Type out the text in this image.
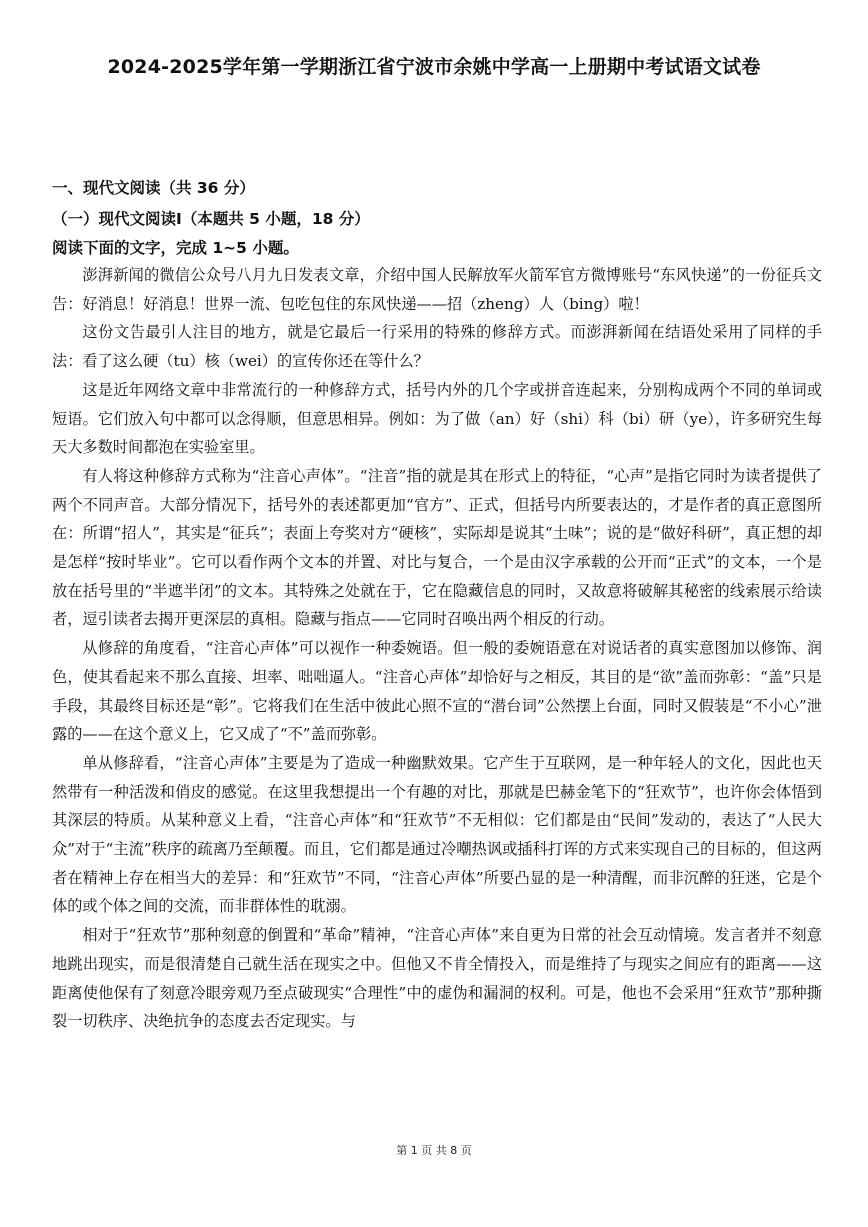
2024-2025学年第一学期浙江省宁波市余姚中学高一上册期中考试语文试卷
一、现代文阅读（共 36 分）
（一）现代文阅读Ⅰ（本题共 5 小题，18 分）
阅读下面的文字，完成 1~5 小题。

澎湃新闻的微信公众号八月九日发表文章，介绍中国人民解放军火箭军官方微博账号“东风快递”的一份征兵文告：好消息！好消息！世界一流、包吃包住的东风快递——招（zheng）人（bing）啦！

这份文告最引人注目的地方，就是它最后一行采用的特殊的修辞方式。而澎湃新闻在结语处采用了同样的手法：看了这么硬（tu）核（wei）的宣传你还在等什么？

这是近年网络文章中非常流行的一种修辞方式，括号内外的几个字或拼音连起来，分别构成两个不同的单词或短语。它们放入句中都可以念得顺，但意思相异。例如：为了做（an）好（shi）科（bi）研（ye），许多研究生每天大多数时间都泡在实验室里。

有人将这种修辞方式称为“注音心声体”。“注音”指的就是其在形式上的特征，“心声”是指它同时为读者提供了两个不同声音。大部分情况下，括号外的表述都更加“官方”、正式，但括号内所要表达的，才是作者的真正意图所在：所谓“招人”，其实是“征兵”；表面上夸奖对方“硬核”，实际却是说其“土味”；说的是“做好科研”，真正想的却是怎样“按时毕业”。它可以看作两个文本的并置、对比与复合，一个是由汉字承载的公开而“正式”的文本，一个是放在括号里的“半遮半闭”的文本。其特殊之处就在于，它在隐藏信息的同时，又故意将破解其秘密的线索展示给读者，逗引读者去揭开更深层的真相。隐藏与指点——它同时召唤出两个相反的行动。

从修辞的角度看，“注音心声体”可以视作一种委婉语。但一般的委婉语意在对说话者的真实意图加以修饰、润色，使其看起来不那么直接、坦率、咄咄逼人。“注音心声体”却恰好与之相反，其目的是“欲”盖而弥彰：“盖”只是手段，其最终目标还是“彰”。它将我们在生活中彼此心照不宣的“潜台词”公然摆上台面，同时又假装是“不小心”泄露的——在这个意义上，它又成了“不”盖而弥彰。

单从修辞看，“注音心声体”主要是为了造成一种幽默效果。它产生于互联网，是一种年轻人的文化，因此也天然带有一种活泼和俏皮的感觉。在这里我想提出一个有趣的对比，那就是巴赫金笔下的“狂欢节”，也许你会体悟到其深层的特质。从某种意义上看，“注音心声体”和“狂欢节”不无相似：它们都是由“民间”发动的，表达了“人民大众”对于“主流”秩序的疏离乃至颠覆。而且，它们都是通过冷嘲热讽或插科打诨的方式来实现自己的目标的，但这两者在精神上存在相当大的差异：和“狂欢节”不同，“注音心声体”所要凸显的是一种清醒，而非沉醉的狂迷，它是个体的或个体之间的交流，而非群体性的耽溺。

相对于“狂欢节”那种刻意的倒置和“革命”精神，“注音心声体”来自更为日常的社会互动情境。发言者并不刻意地跳出现实，而是很清楚自己就生活在现实之中。但他又不肯全情投入，而是维持了与现实之间应有的距离——这距离使他保有了刻意冷眼旁观乃至点破现实“合理性”中的虚伪和漏洞的权利。可是，他也不会采用“狂欢节”那种撕裂一切秩序、决绝抗争的态度去否定现实。与

第 1 页 共 8 页
